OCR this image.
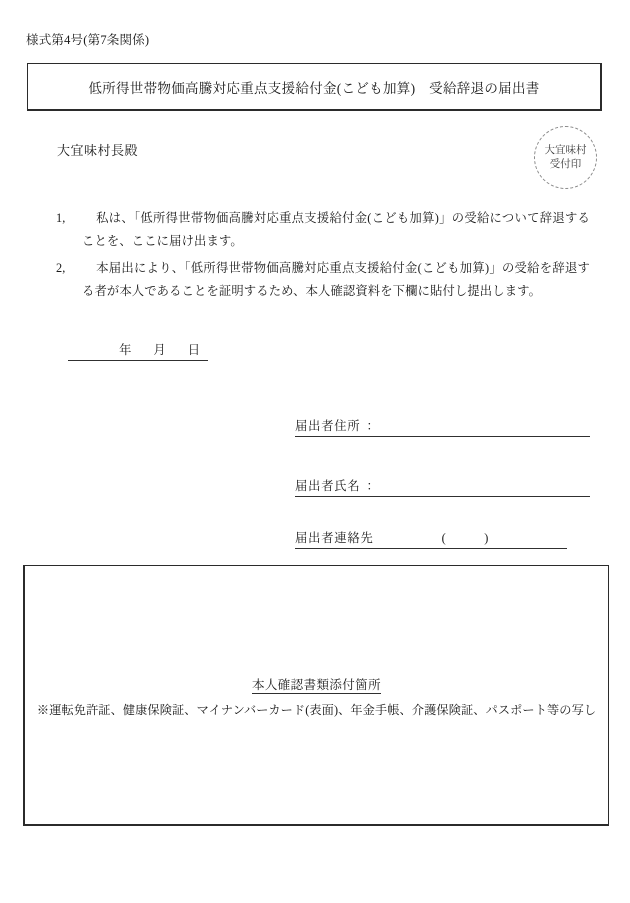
様式第4号(第7条関係)
低所得世帯物価高騰対応重点支援給付金(こども加算)　受給辞退の届出書
大宜味村長殿	大宜味村
受付印
1,	私は、「低所得世帯物価高騰対応重点支援給付金(こども加算)」の受給について辞退することを、ここに届け出ます。
2,	本届出により、「低所得世帯物価高騰対応重点支援給付金(こども加算)」の受給を辞退する者が本人であることを証明するため、本人確認資料を下欄に貼付し提出します。
年 月 日
届出者住所 ：
届出者氏名 ：
届出者連絡先	(	)
本人確認書類添付箇所
※運転免許証、健康保険証、マイナンバーカード(表面)、年金手帳、介護保険証、パスポート等の写し
